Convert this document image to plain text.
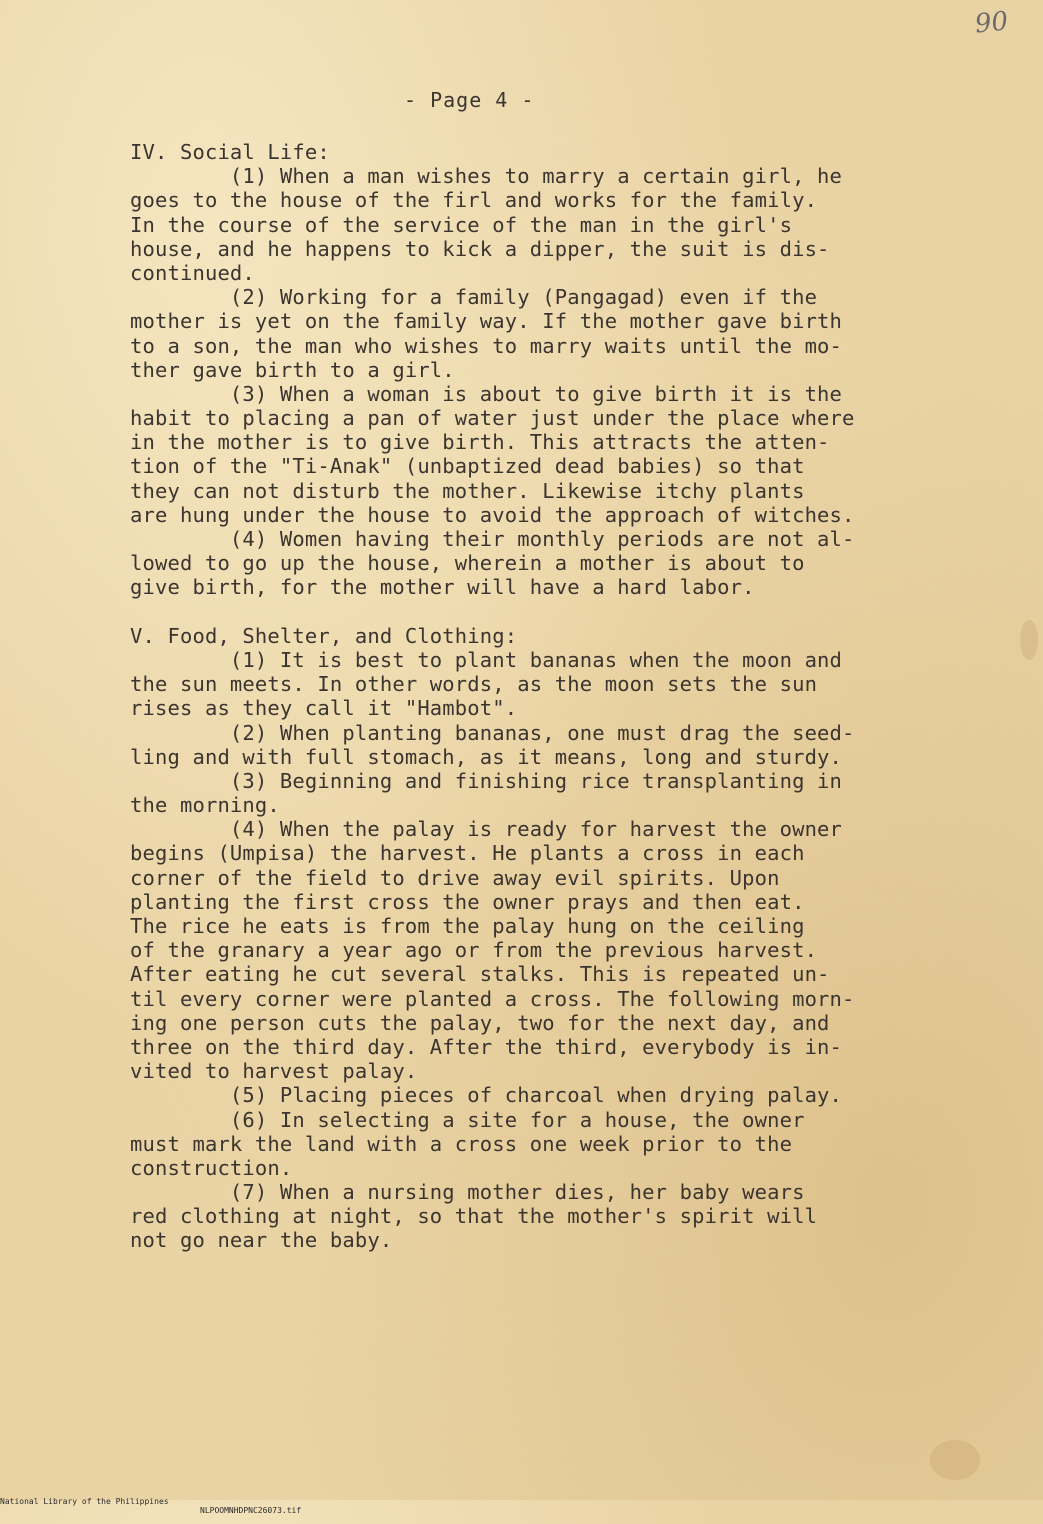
90
- Page 4 -
IV. Social Life:
(1) When a man wishes to marry a certain girl, he
goes to the house of the firl and works for the family.
In the course of the service of the man in the girl's
house, and he happens to kick a dipper, the suit is dis-
continued.
(2) Working for a family (Pangagad) even if the
mother is yet on the family way. If the mother gave birth
to a son, the man who wishes to marry waits until the mo-
ther gave birth to a girl.
(3) When a woman is about to give birth it is the
habit to placing a pan of water just under the place where
in the mother is to give birth. This attracts the atten-
tion of the "Ti-Anak" (unbaptized dead babies) so that
they can not disturb the mother. Likewise itchy plants
are hung under the house to avoid the approach of witches.
(4) Women having their monthly periods are not al-
lowed to go up the house, wherein a mother is about to
give birth, for the mother will have a hard labor.
V. Food, Shelter, and Clothing:
(1) It is best to plant bananas when the moon and
the sun meets. In other words, as the moon sets the sun
rises as they call it "Hambot".
(2) When planting bananas, one must drag the seed-
ling and with full stomach, as it means, long and sturdy.
(3) Beginning and finishing rice transplanting in
the morning.
(4) When the palay is ready for harvest the owner
begins (Umpisa) the harvest. He plants a cross in each
corner of the field to drive away evil spirits. Upon
planting the first cross the owner prays and then eat.
The rice he eats is from the palay hung on the ceiling
of the granary a year ago or from the previous harvest.
After eating he cut several stalks. This is repeated un-
til every corner were planted a cross. The following morn-
ing one person cuts the palay, two for the next day, and
three on the third day. After the third, everybody is in-
vited to harvest palay.
(5) Placing pieces of charcoal when drying palay.
(6) In selecting a site for a house, the owner
must mark the land with a cross one week prior to the
construction.
(7) When a nursing mother dies, her baby wears
red clothing at night, so that the mother's spirit will
not go near the baby.

National Library of the Philippines

NLPOOMNHDPNC26073.tif
